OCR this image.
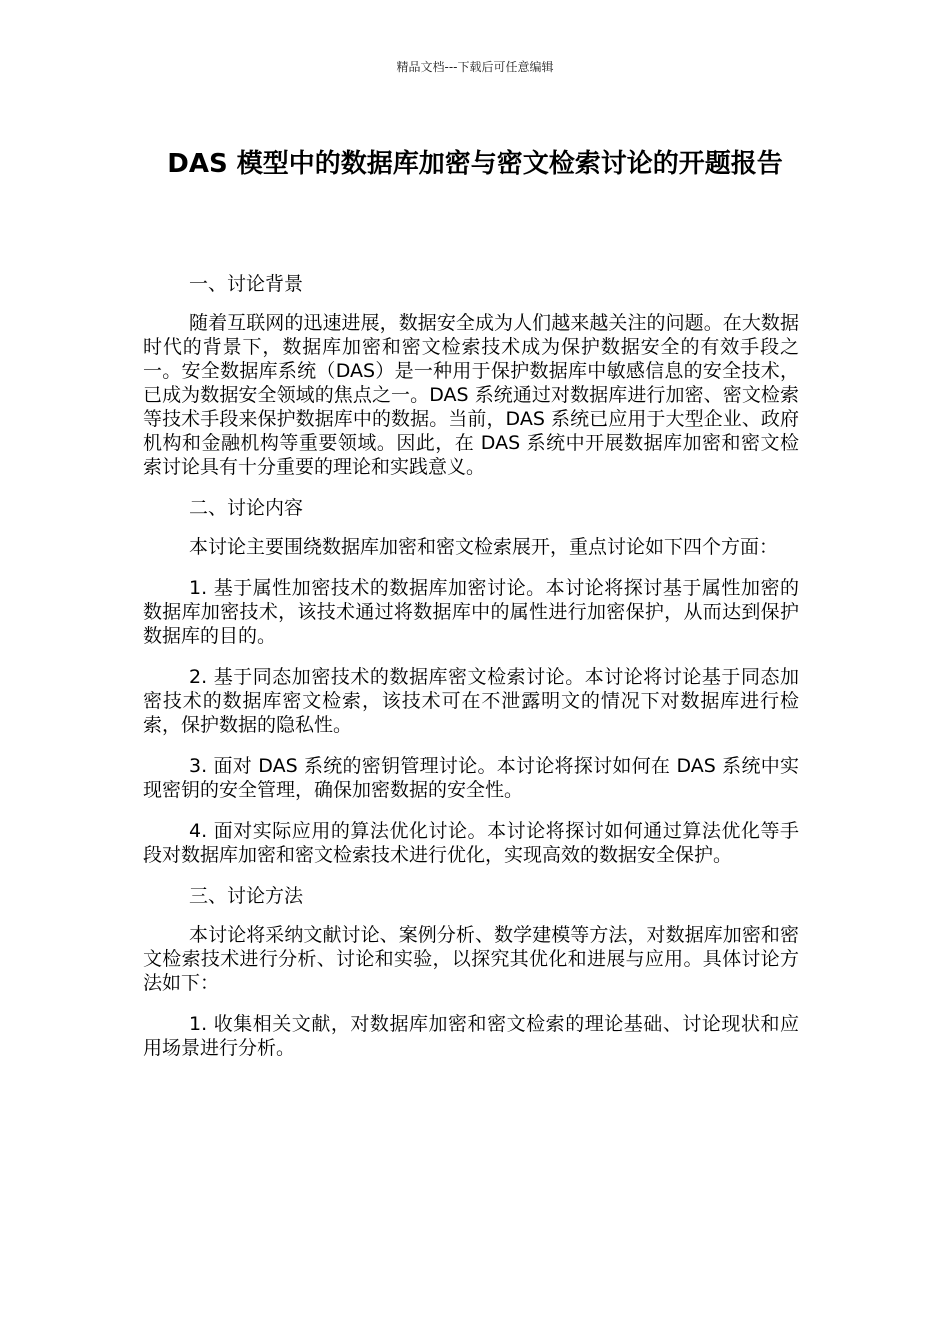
精品文档---下载后可任意编辑
DAS 模型中的数据库加密与密文检索讨论的开题报告

一、讨论背景

随着互联网的迅速进展，数据安全成为人们越来越关注的问题。在大数据时代的背景下，数据库加密和密文检索技术成为保护数据安全的有效手段之一。安全数据库系统（DAS）是一种用于保护数据库中敏感信息的安全技术，已成为数据安全领域的焦点之一。DAS 系统通过对数据库进行加密、密文检索等技术手段来保护数据库中的数据。当前，DAS 系统已应用于大型企业、政府机构和金融机构等重要领域。因此，在 DAS 系统中开展数据库加密和密文检索讨论具有十分重要的理论和实践意义。

二、讨论内容

本讨论主要围绕数据库加密和密文检索展开，重点讨论如下四个方面：

1. 基于属性加密技术的数据库加密讨论。本讨论将探讨基于属性加密的数据库加密技术，该技术通过将数据库中的属性进行加密保护，从而达到保护数据库的目的。

2. 基于同态加密技术的数据库密文检索讨论。本讨论将讨论基于同态加密技术的数据库密文检索，该技术可在不泄露明文的情况下对数据库进行检索，保护数据的隐私性。

3. 面对 DAS 系统的密钥管理讨论。本讨论将探讨如何在 DAS 系统中实现密钥的安全管理，确保加密数据的安全性。

4. 面对实际应用的算法优化讨论。本讨论将探讨如何通过算法优化等手段对数据库加密和密文检索技术进行优化，实现高效的数据安全保护。

三、讨论方法

本讨论将采纳文献讨论、案例分析、数学建模等方法，对数据库加密和密文检索技术进行分析、讨论和实验，以探究其优化和进展与应用。具体讨论方法如下：

1. 收集相关文献，对数据库加密和密文检索的理论基础、讨论现状和应用场景进行分析。
